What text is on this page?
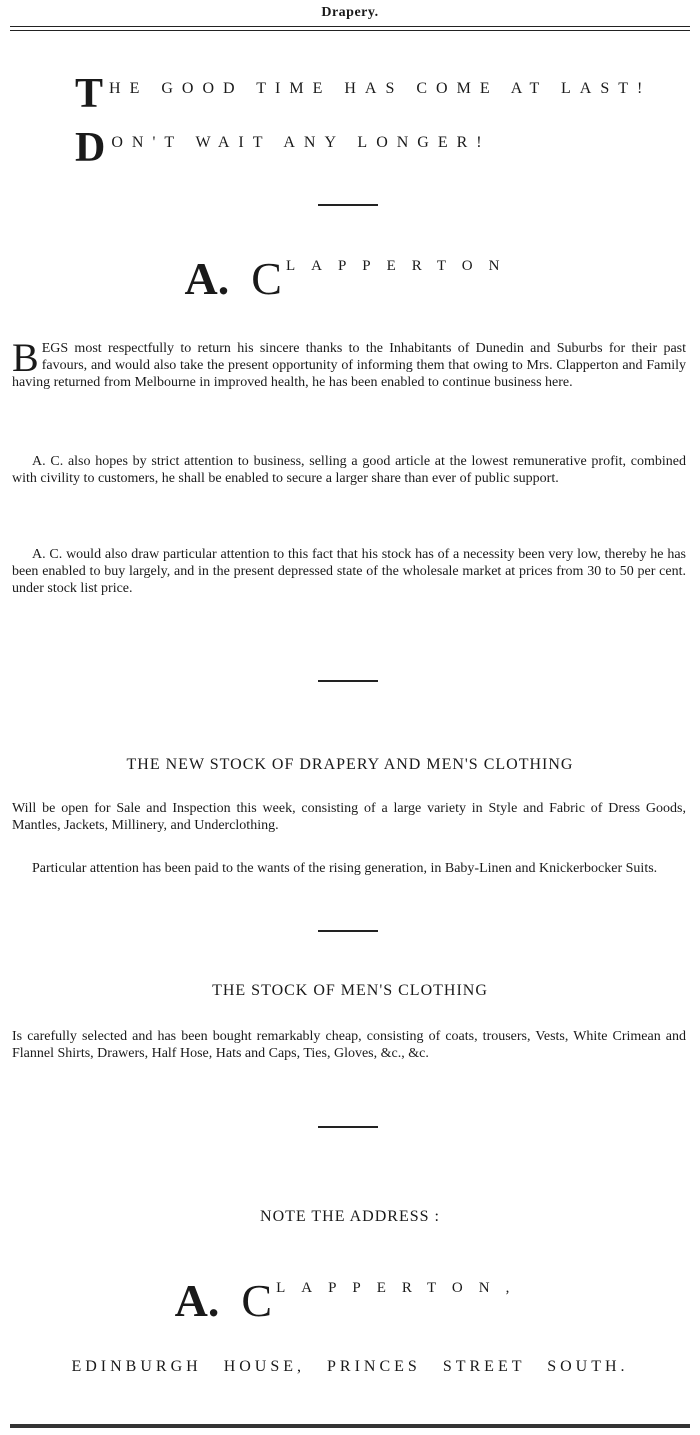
Drapery.
T HE GOOD TIME HAS COME AT LAST!
D ON'T WAIT ANY LONGER!
A. C LAPPERTON
B EGS most respectfully to return his sincere thanks to the Inhabitants of Dunedin and Suburbs for their past favours, and would also take the present opportunity of informing them that owing to Mrs. Clapperton and Family having returned from Melbourne in improved health, he has been enabled to continue business here.
A. C. also hopes by strict attention to business, selling a good article at the lowest remunerative profit, combined with civility to customers, he shall be enabled to secure a larger share than ever of public support.
A. C. would also draw particular attention to this fact that his stock has of a necessity been very low, thereby he has been enabled to buy largely, and in the present depressed state of the wholesale market at prices from 30 to 50 per cent. under stock list price.
THE NEW STOCK OF DRAPERY AND MEN'S CLOTHING
Will be open for Sale and Inspection this week, consisting of a large variety in Style and Fabric of Dress Goods, Mantles, Jackets, Millinery, and Underclothing.
Particular attention has been paid to the wants of the rising generation, in Baby-Linen and Knickerbocker Suits.
THE STOCK OF MEN'S CLOTHING
Is carefully selected and has been bought remarkably cheap, consisting of coats, trousers, Vests, White Crimean and Flannel Shirts, Drawers, Half Hose, Hats and Caps, Ties, Gloves, &c., &c.
NOTE THE ADDRESS :
A. C LAPPERTON,
EDINBURGH HOUSE, PRINCES STREET SOUTH.
